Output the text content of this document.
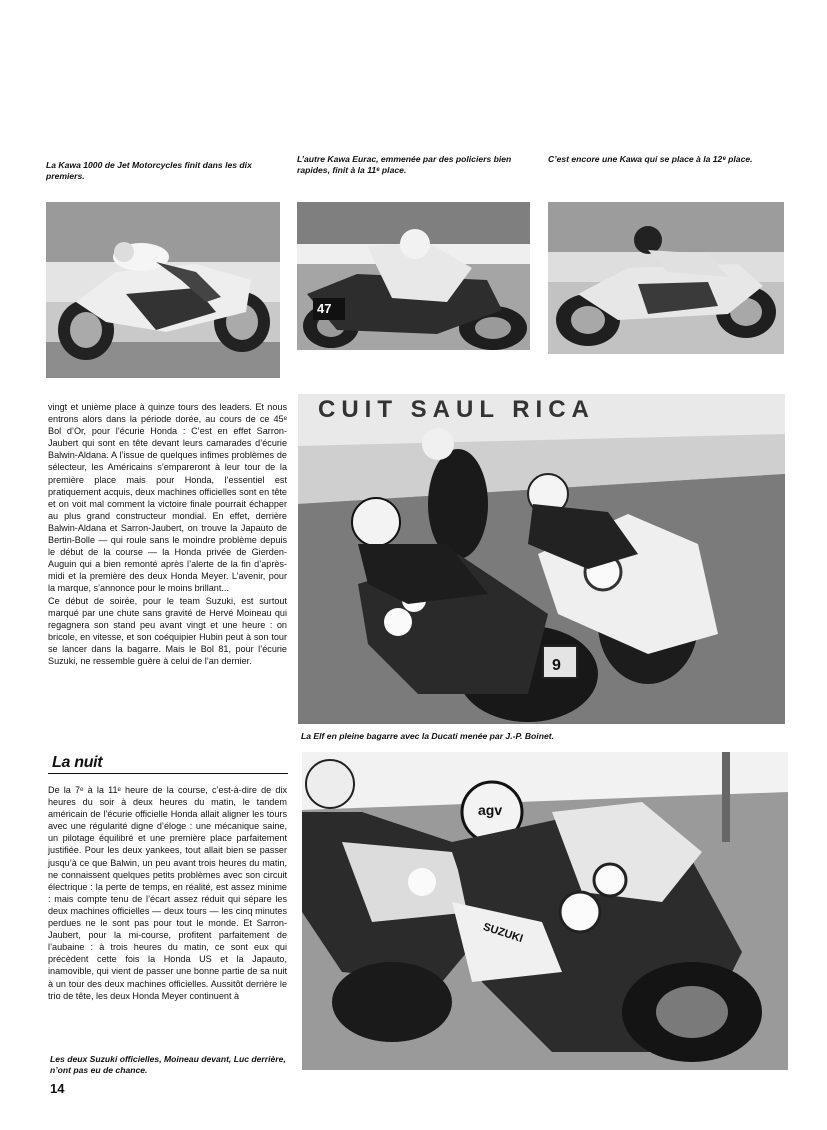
La Kawa 1000 de Jet Motorcycles finit dans les dix premiers.
L’autre Kawa Eurac, emmenée par des policiers bien rapides, finit à la 11ᵉ place.
C’est encore une Kawa qui se place à la 12ᵉ place.
47
CUIT SAUL RICA
9
La Elf en pleine bagarre avec la Ducati menée par J.-P. Boinet.

vingt et unième place à quinze tours des leaders. Et nous entrons alors dans la période dorée, au cours de ce 45ᵉ Bol d’Or, pour l’écurie Honda : C’est en effet Sarron-Jaubert qui sont en tête devant leurs camarades d’écurie Balwin-Aldana. A l’issue de quelques infimes problèmes de sélecteur, les Américains s’empareront à leur tour de la première place mais pour Honda, l’essentiel est pratiquement acquis, deux machines officielles sont en tête et on voit mal comment la victoire finale pourrait échapper au plus grand constructeur mondial. En effet, derrière Balwin-Aldana et Sarron-Jaubert, on trouve la Japauto de Bertin-Bolle — qui roule sans le moindre problème depuis le début de la course — la Honda privée de Gierden-Auguin qui a bien remonté après l’alerte de la fin d’après-midi et la première des deux Honda Meyer. L’avenir, pour la marque, s’annonce pour le moins brillant...

Ce début de soirée, pour le team Suzuki, est surtout marqué par une chute sans gravité de Hervé Moineau qui regagnera son stand peu avant vingt et une heure : on bricole, en vitesse, et son coéquipier Hubin peut à son tour se lancer dans la bagarre. Mais le Bol 81, pour l’écurie Suzuki, ne ressemble guère à celui de l’an dernier.

La nuit

De la 7ᵉ à la 11ᵉ heure de la course, c’est-à-dire de dix heures du soir à deux heures du matin, le tandem américain de l’écurie officielle Honda allait aligner les tours avec une régularité digne d’éloge : une mécanique saine, un pilotage équilibré et une première place parfaitement justifiée. Pour les deux yankees, tout allait bien se passer jusqu’à ce que Balwin, un peu avant trois heures du matin, ne connaissent quelques petits problèmes avec son circuit électrique : la perte de temps, en réalité, est assez minime : mais compte tenu de l’écart assez réduit qui sépare les deux machines officielles — deux tours — les cinq minutes perdues ne le sont pas pour tout le monde. Et Sarron-Jaubert, pour la mi-course, profitent parfaitement de l’aubaine : à trois heures du matin, ce sont eux qui précèdent cette fois la Honda US et la Japauto, inamovible, qui vient de passer une bonne partie de sa nuit à un tour des deux machines officielles. Aussitôt derrière le trio de tête, les deux Honda Meyer continuent à

agv
SUZUKI
Les deux Suzuki officielles, Moineau devant, Luc derrière, n’ont pas eu de chance.
14
